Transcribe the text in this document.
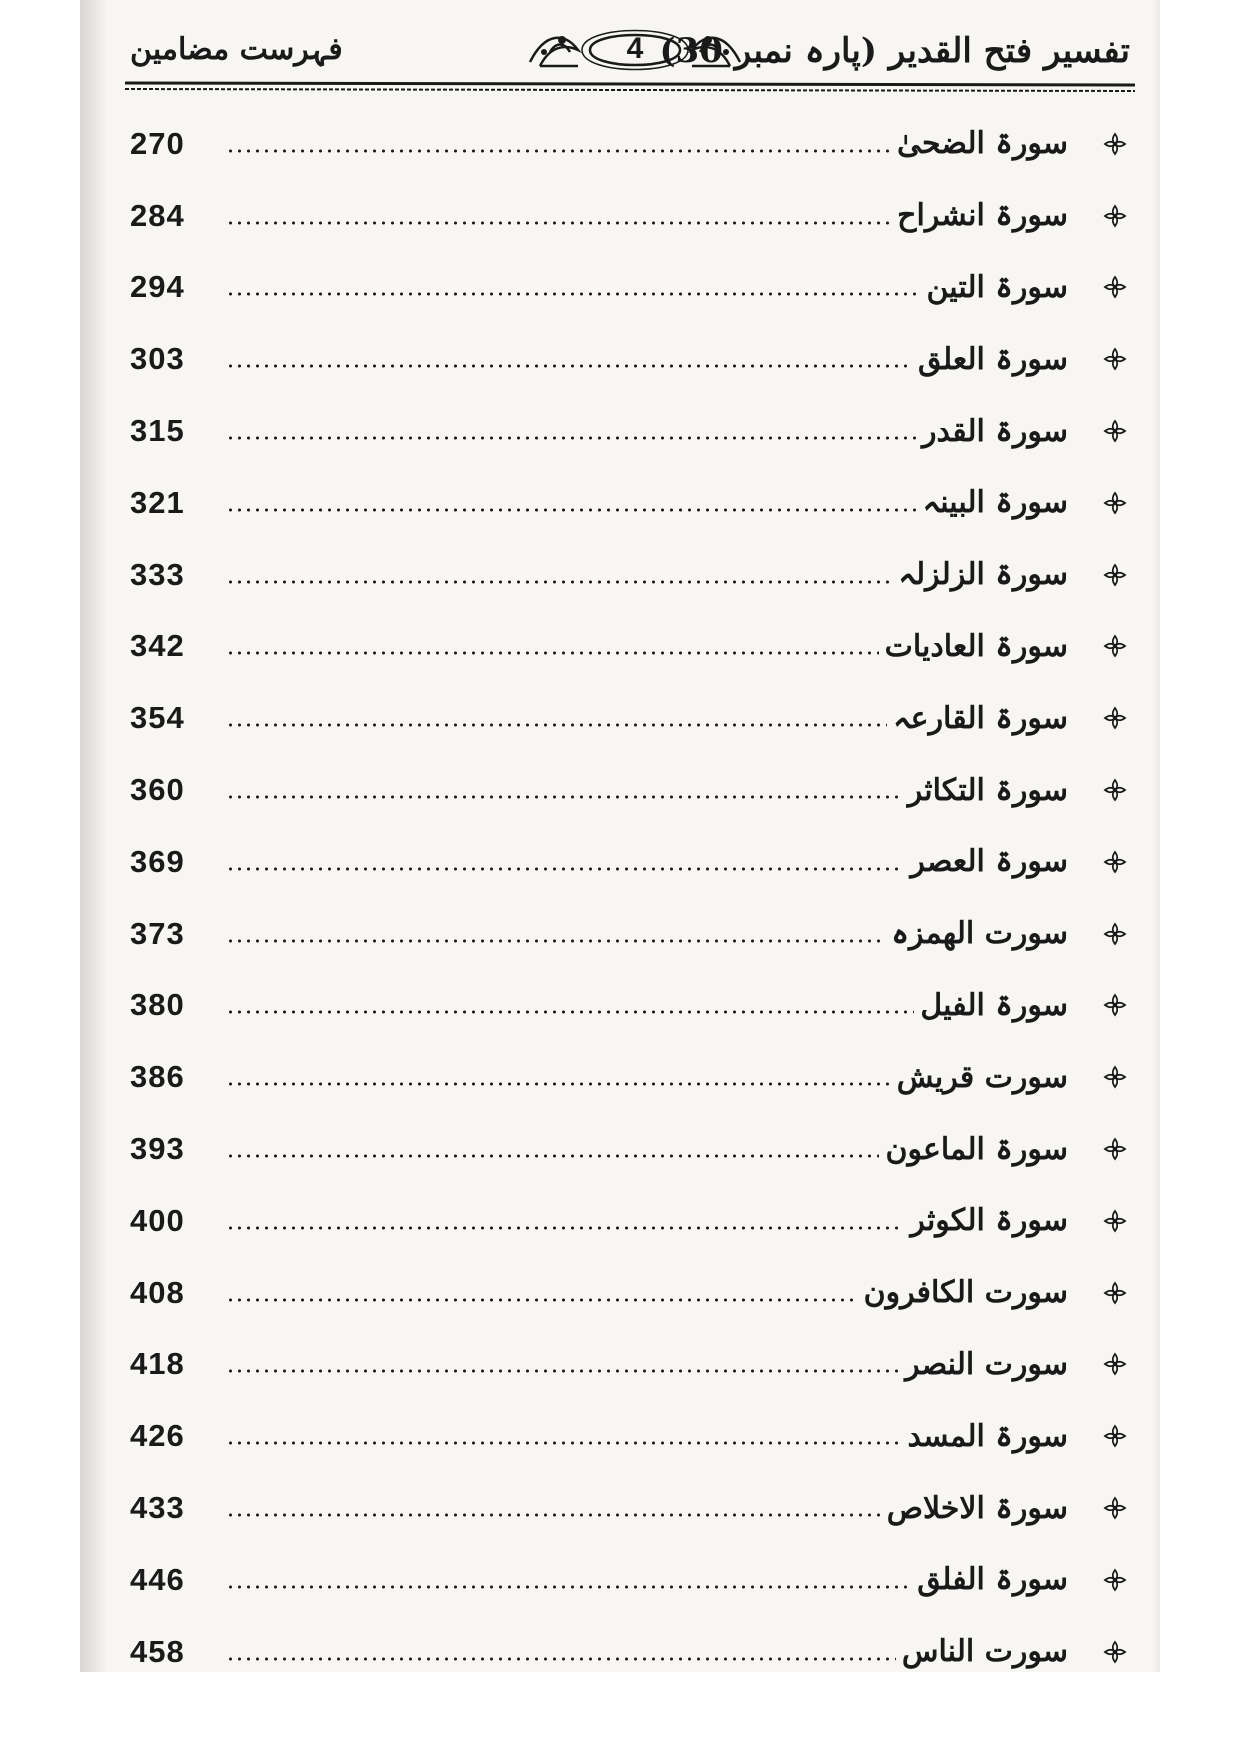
فہرست مضامین	4 تفسیر فتح القدیر (پارہ نمبر 30)
270	سورۃ الضحیٰ
284	سورۃ انشراح
294	سورۃ التین
303	سورۃ العلق
315	سورۃ القدر
321	سورۃ البینہ
333	سورۃ الزلزلہ
342	سورۃ العادیات
354	سورۃ القارعہ
360	سورۃ التکاثر
369	سورۃ العصر
373	سورت الھمزہ
380	سورۃ الفیل
386	سورت قریش
393	سورۃ الماعون
400	سورۃ الکوثر
408	سورت الکافرون
418	سورت النصر
426	سورۃ المسد
433	سورۃ الاخلاص
446	سورۃ الفلق
458	سورت الناس
